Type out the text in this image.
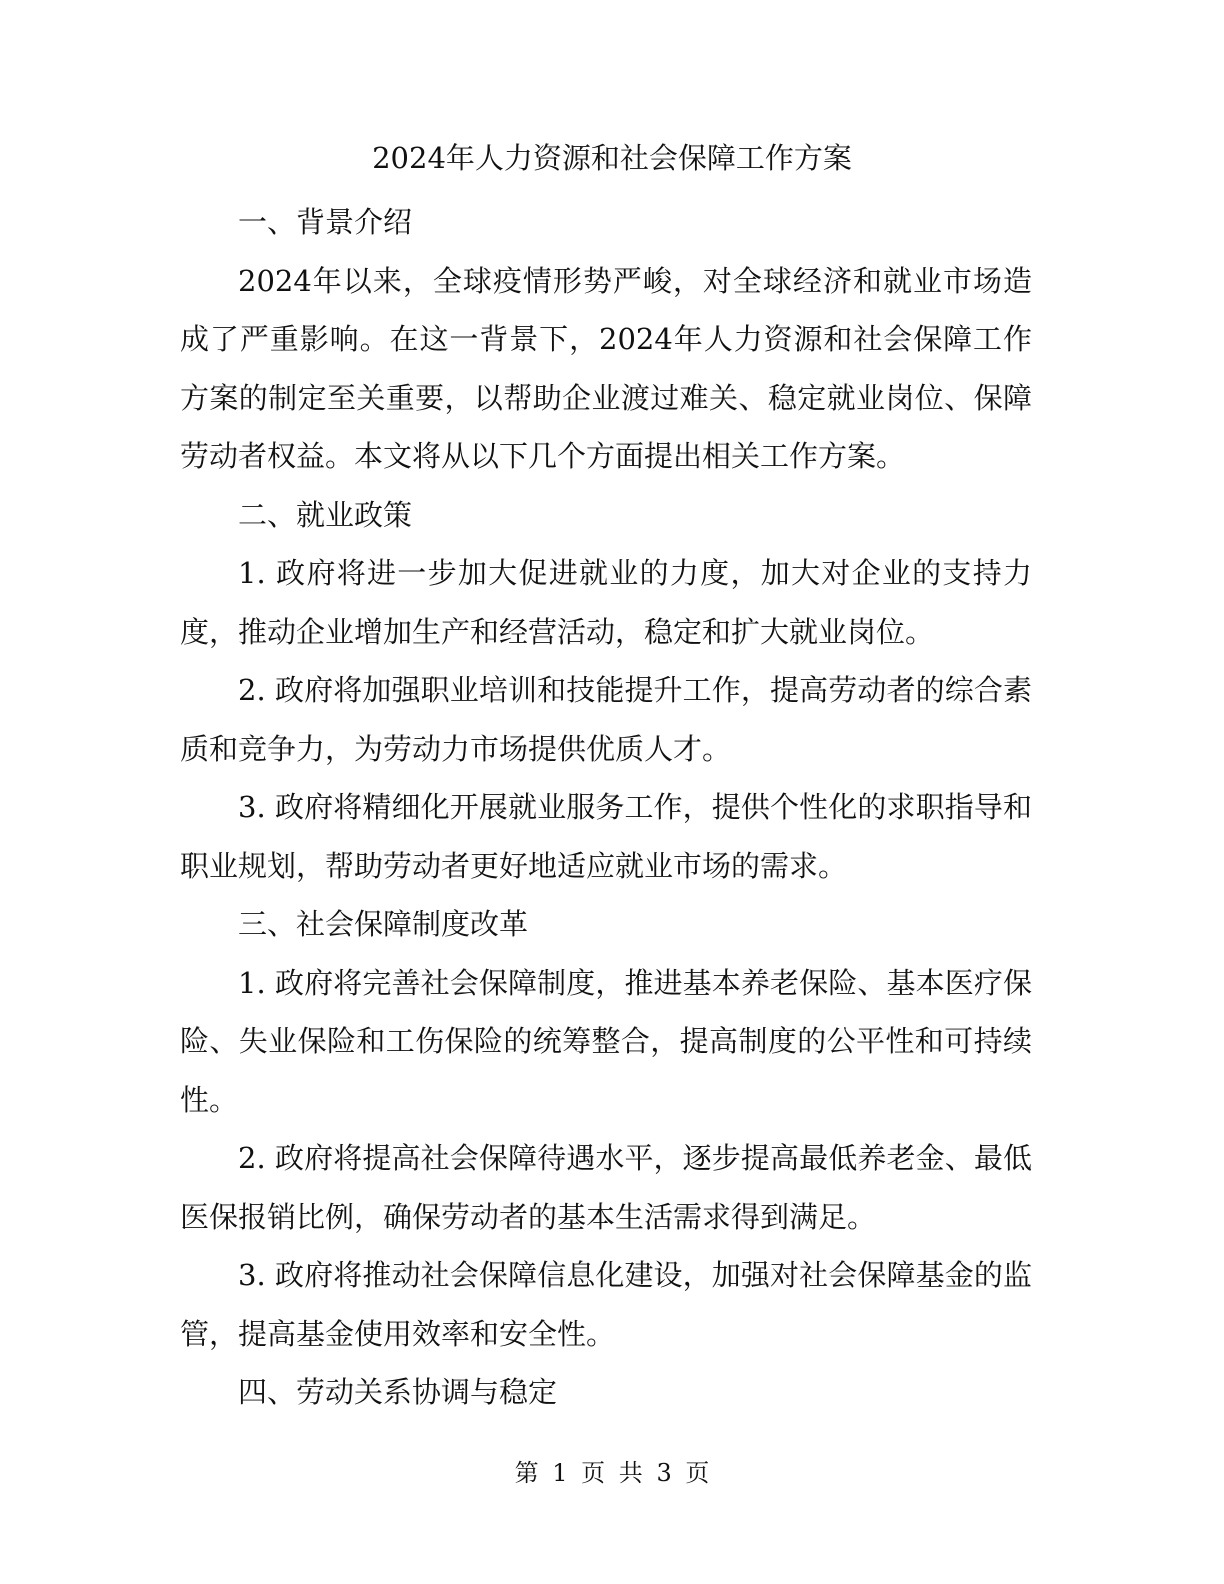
2024年人力资源和社会保障工作方案

一、背景介绍

2024年以来，全球疫情形势严峻，对全球经济和就业市场造成了严重影响。在这一背景下，2024年人力资源和社会保障工作方案的制定至关重要，以帮助企业渡过难关、稳定就业岗位、保障劳动者权益。本文将从以下几个方面提出相关工作方案。

二、就业政策

1. 政府将进一步加大促进就业的力度，加大对企业的支持力度，推动企业增加生产和经营活动，稳定和扩大就业岗位。

2. 政府将加强职业培训和技能提升工作，提高劳动者的综合素质和竞争力，为劳动力市场提供优质人才。

3. 政府将精细化开展就业服务工作，提供个性化的求职指导和职业规划，帮助劳动者更好地适应就业市场的需求。

三、社会保障制度改革

1. 政府将完善社会保障制度，推进基本养老保险、基本医疗保险、失业保险和工伤保险的统筹整合，提高制度的公平性和可持续性。

2. 政府将提高社会保障待遇水平，逐步提高最低养老金、最低医保报销比例，确保劳动者的基本生活需求得到满足。

3. 政府将推动社会保障信息化建设，加强对社会保障基金的监管，提高基金使用效率和安全性。

四、劳动关系协调与稳定

第 1 页 共 3 页
